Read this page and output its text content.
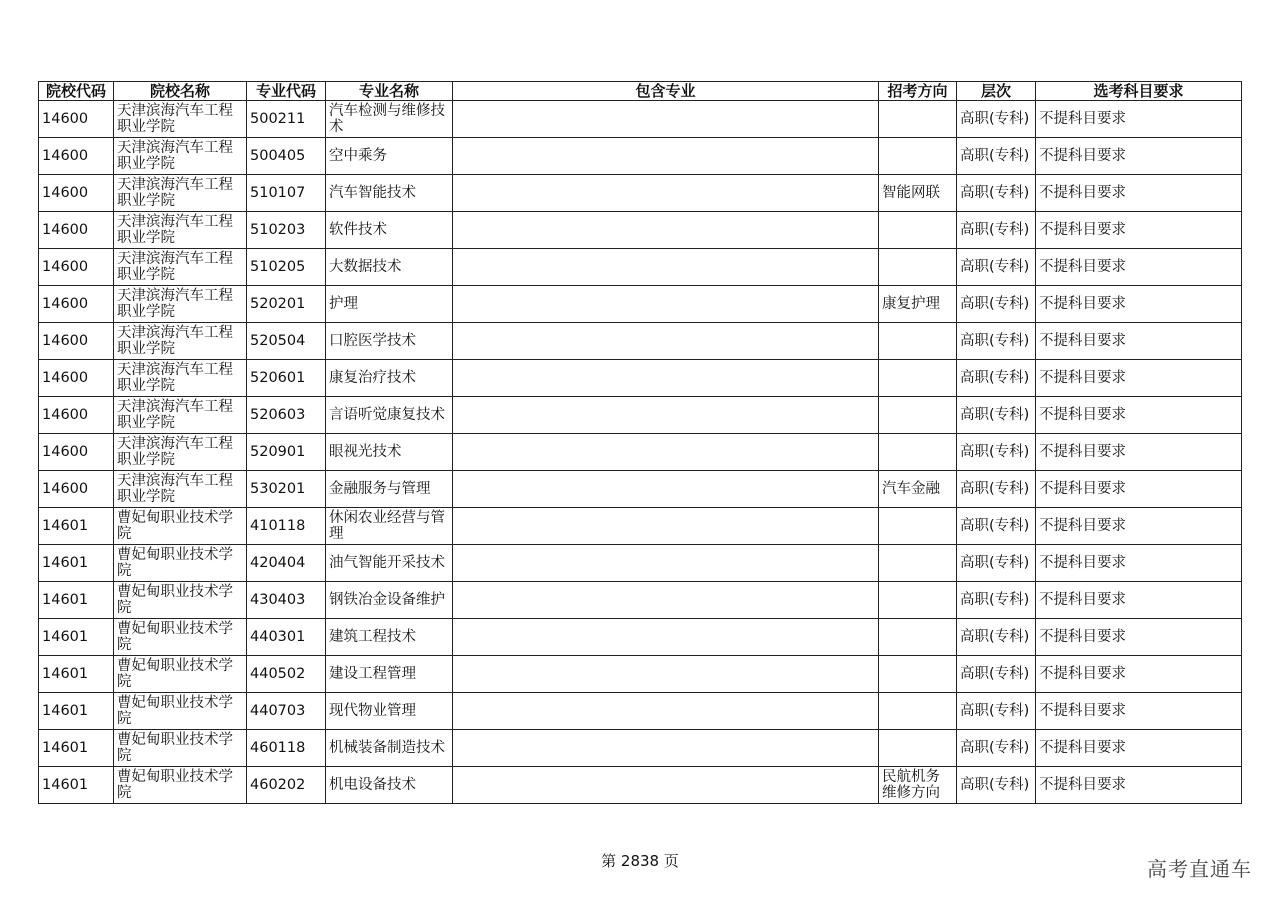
院校代码	院校名称	专业代码	专业名称	包含专业	招考方向	层次	选考科目要求
14600	天津滨海汽车工程职业学院	500211	汽车检测与维修技术			高职(专科)	不提科目要求
14600	天津滨海汽车工程职业学院	500405	空中乘务			高职(专科)	不提科目要求
14600	天津滨海汽车工程职业学院	510107	汽车智能技术		智能网联	高职(专科)	不提科目要求
14600	天津滨海汽车工程职业学院	510203	软件技术			高职(专科)	不提科目要求
14600	天津滨海汽车工程职业学院	510205	大数据技术			高职(专科)	不提科目要求
14600	天津滨海汽车工程职业学院	520201	护理		康复护理	高职(专科)	不提科目要求
14600	天津滨海汽车工程职业学院	520504	口腔医学技术			高职(专科)	不提科目要求
14600	天津滨海汽车工程职业学院	520601	康复治疗技术			高职(专科)	不提科目要求
14600	天津滨海汽车工程职业学院	520603	言语听觉康复技术			高职(专科)	不提科目要求
14600	天津滨海汽车工程职业学院	520901	眼视光技术			高职(专科)	不提科目要求
14600	天津滨海汽车工程职业学院	530201	金融服务与管理		汽车金融	高职(专科)	不提科目要求
14601	曹妃甸职业技术学院	410118	休闲农业经营与管理			高职(专科)	不提科目要求
14601	曹妃甸职业技术学院	420404	油气智能开采技术			高职(专科)	不提科目要求
14601	曹妃甸职业技术学院	430403	钢铁冶金设备维护			高职(专科)	不提科目要求
14601	曹妃甸职业技术学院	440301	建筑工程技术			高职(专科)	不提科目要求
14601	曹妃甸职业技术学院	440502	建设工程管理			高职(专科)	不提科目要求
14601	曹妃甸职业技术学院	440703	现代物业管理			高职(专科)	不提科目要求
14601	曹妃甸职业技术学院	460118	机械装备制造技术			高职(专科)	不提科目要求
14601	曹妃甸职业技术学院	460202	机电设备技术		民航机务维修方向	高职(专科)	不提科目要求
第 2838 页	高考直通车
